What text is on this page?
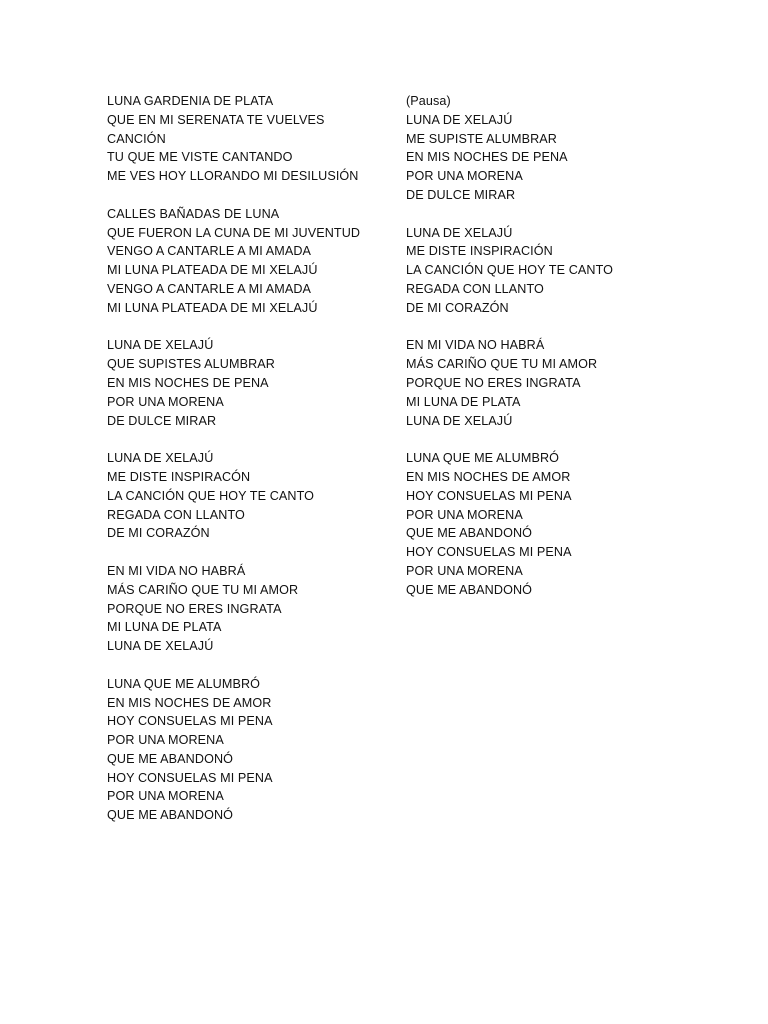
LUNA GARDENIA DE PLATA
QUE EN MI SERENATA TE VUELVES
CANCIÓN
TU QUE ME VISTE CANTANDO
ME VES HOY LLORANDO MI DESILUSIÓN
CALLES BAÑADAS DE LUNA
QUE FUERON LA CUNA DE MI JUVENTUD
VENGO A CANTARLE A MI AMADA
MI LUNA PLATEADA DE MI XELAJÚ
VENGO A CANTARLE A MI AMADA
MI LUNA PLATEADA DE MI XELAJÚ
LUNA DE XELAJÚ
QUE SUPISTES ALUMBRAR
EN MIS NOCHES DE PENA
POR UNA MORENA
DE DULCE MIRAR
LUNA DE XELAJÚ
ME DISTE INSPIRACÓN
LA CANCIÓN QUE HOY TE CANTO
REGADA CON LLANTO
DE MI CORAZÓN
EN MI VIDA NO HABRÁ
MÁS CARIÑO QUE TU MI AMOR
PORQUE NO ERES INGRATA
MI LUNA DE PLATA
LUNA DE XELAJÚ
LUNA QUE ME ALUMBRÓ
EN MIS NOCHES DE AMOR
HOY CONSUELAS MI PENA
POR UNA MORENA
QUE ME ABANDONÓ
HOY CONSUELAS MI PENA
POR UNA MORENA
QUE ME ABANDONÓ
(Pausa)
LUNA DE XELAJÚ
ME SUPISTE ALUMBRAR
EN MIS NOCHES DE PENA
POR UNA MORENA
DE DULCE MIRAR
LUNA DE XELAJÚ
ME DISTE INSPIRACIÓN
LA CANCIÓN QUE HOY TE CANTO
REGADA CON LLANTO
DE MI CORAZÓN
EN MI VIDA NO HABRÁ
MÁS CARIÑO QUE TU MI AMOR
PORQUE NO ERES INGRATA
MI LUNA DE PLATA
LUNA DE XELAJÚ
LUNA QUE ME ALUMBRÓ
EN MIS NOCHES DE AMOR
HOY CONSUELAS MI PENA
POR UNA MORENA
QUE ME ABANDONÓ
HOY CONSUELAS MI PENA
POR UNA MORENA
QUE ME ABANDONÓ
